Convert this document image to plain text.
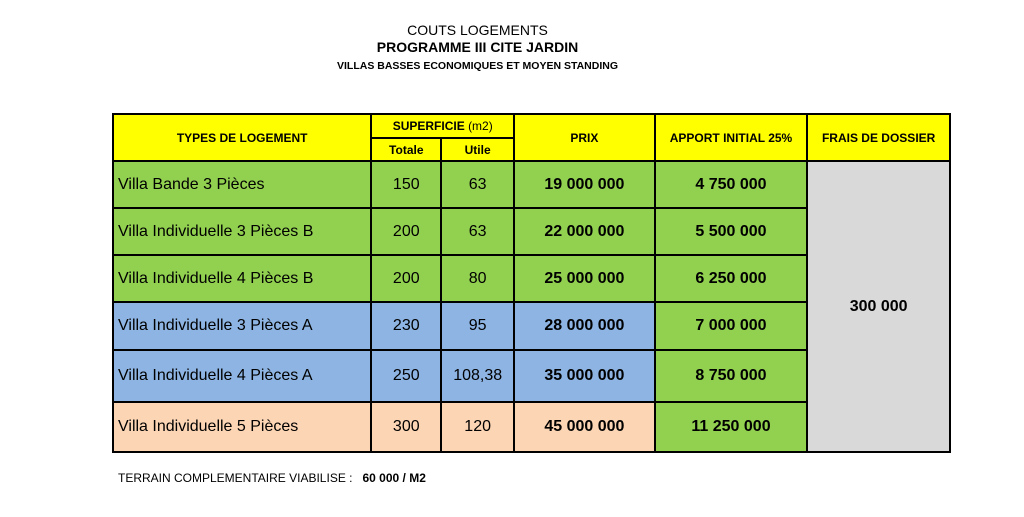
COUTS LOGEMENTS
PROGRAMME III CITE JARDIN
VILLAS BASSES ECONOMIQUES ET MOYEN STANDING
TYPES DE LOGEMENT	SUPERFICIE (m2)		PRIX	APPORT INITIAL 25%	FRAIS DE DOSSIER
	Totale	Utile			
Villa Bande 3 Pièces	150	63	19 000 000	4 750 000	300 000
Villa Individuelle 3 Pièces B	200	63	22 000 000	5 500 000	
Villa Individuelle 4 Pièces B	200	80	25 000 000	6 250 000	
Villa Individuelle 3 Pièces A	230	95	28 000 000	7 000 000	
Villa Individuelle 4 Pièces A	250	108,38	35 000 000	8 750 000	
Villa Individuelle 5 Pièces	300	120	45 000 000	11 250 000	
TERRAIN COMPLEMENTAIRE VIABILISE : 60 000 / M2
